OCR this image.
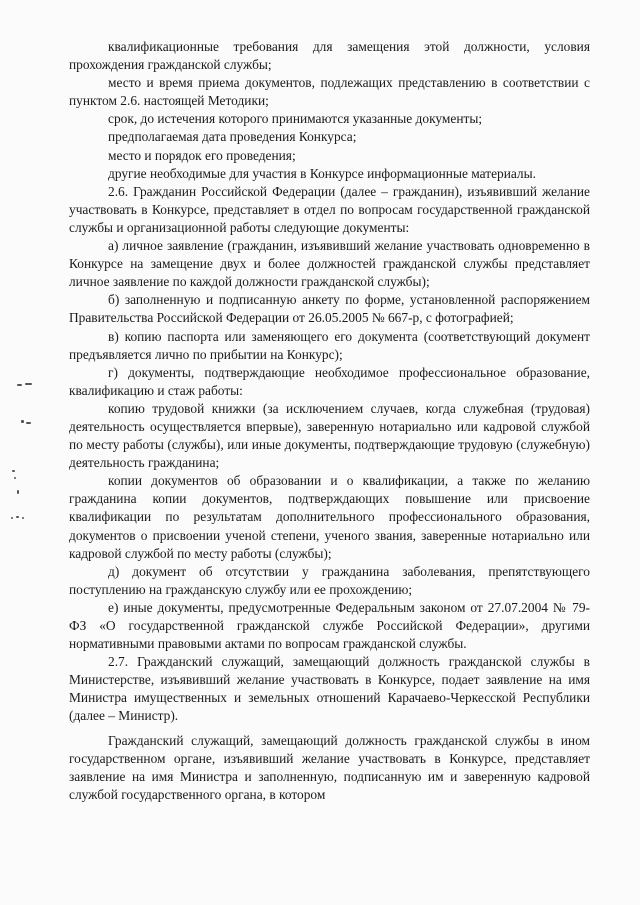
квалификационные требования для замещения этой должности, условия прохождения гражданской службы;

место и время приема документов, подлежащих представлению в соответствии с пунктом 2.6. настоящей Методики;

срок, до истечения которого принимаются указанные документы;

предполагаемая дата проведения Конкурса;

место и порядок его проведения;

другие необходимые для участия в Конкурсе информационные материалы.

2.6. Гражданин Российской Федерации (далее – гражданин), изъявивший желание участвовать в Конкурсе, представляет в отдел по вопросам государственной гражданской службы и организационной работы следующие документы:

а) личное заявление (гражданин, изъявивший желание участвовать одновременно в Конкурсе на замещение двух и более должностей гражданской службы представляет личное заявление по каждой должности гражданской службы);

б) заполненную и подписанную анкету по форме, установленной распоряжением Правительства Российской Федерации от 26.05.2005 № 667-р, с фотографией;

в) копию паспорта или заменяющего его документа (соответствующий документ предъявляется лично по прибытии на Конкурс);

г) документы, подтверждающие необходимое профессиональное образование, квалификацию и стаж работы:

копию трудовой книжки (за исключением случаев, когда служебная (трудовая) деятельность осуществляется впервые), заверенную нотариально или кадровой службой по месту работы (службы), или иные документы, подтверждающие трудовую (служебную) деятельность гражданина;

копии документов об образовании и о квалификации, а также по желанию гражданина копии документов, подтверждающих повышение или присвоение квалификации по результатам дополнительного профессионального образования, документов о присвоении ученой степени, ученого звания, заверенные нотариально или кадровой службой по месту работы (службы);

д) документ об отсутствии у гражданина заболевания, препятствующего поступлению на гражданскую службу или ее прохождению;

е) иные документы, предусмотренные Федеральным законом от 27.07.2004 № 79-ФЗ «О государственной гражданской службе Российской Федерации», другими нормативными правовыми актами по вопросам гражданской службы.

2.7. Гражданский служащий, замещающий должность гражданской службы в Министерстве, изъявивший желание участвовать в Конкурсе, подает заявление на имя Министра имущественных и земельных отношений Карачаево-Черкесской Республики (далее – Министр).

Гражданский служащий, замещающий должность гражданской службы в ином государственном органе, изъявивший желание участвовать в Конкурсе, представляет заявление на имя Министра и заполненную, подписанную им и заверенную кадровой службой государственного органа, в котором
